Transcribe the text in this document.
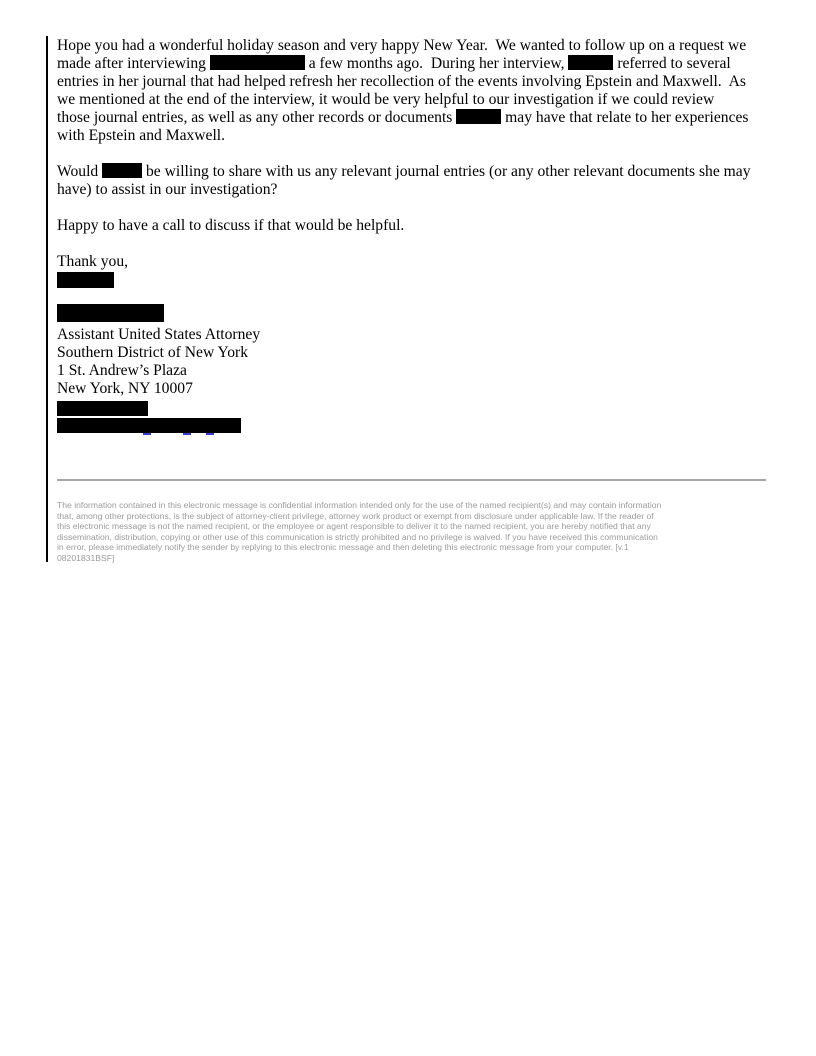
Hope you had a wonderful holiday season and very happy New Year.  We wanted to follow up on a request we
made after interviewing	a few months ago.  During her interview,	referred to several
entries in her journal that had helped refresh her recollection of the events involving Epstein and Maxwell.  As
we mentioned at the end of the interview, it would be very helpful to our investigation if we could review
those journal entries, as well as any other records or documents	may have that relate to her experiences
with Epstein and Maxwell.
Would	be willing to share with us any relevant journal entries (or any other relevant documents she may
have) to assist in our investigation?
Happy to have a call to discuss if that would be helpful.
Thank you,
Assistant United States Attorney
Southern District of New York
1 St. Andrew’s Plaza
New York, NY 10007
The information contained in this electronic message is confidential information intended only for the use of the named recipient(s) and may contain information
that, among other protections, is the subject of attorney-client privilege, attorney work product or exempt from disclosure under applicable law. If the reader of
this electronic message is not the named recipient, or the employee or agent responsible to deliver it to the named recipient, you are hereby notified that any
dissemination, distribution, copying or other use of this communication is strictly prohibited and no privilege is waived. If you have received this communication
in error, please immediately notify the sender by replying to this electronic message and then deleting this electronic message from your computer. [v.1
08201831BSF]
